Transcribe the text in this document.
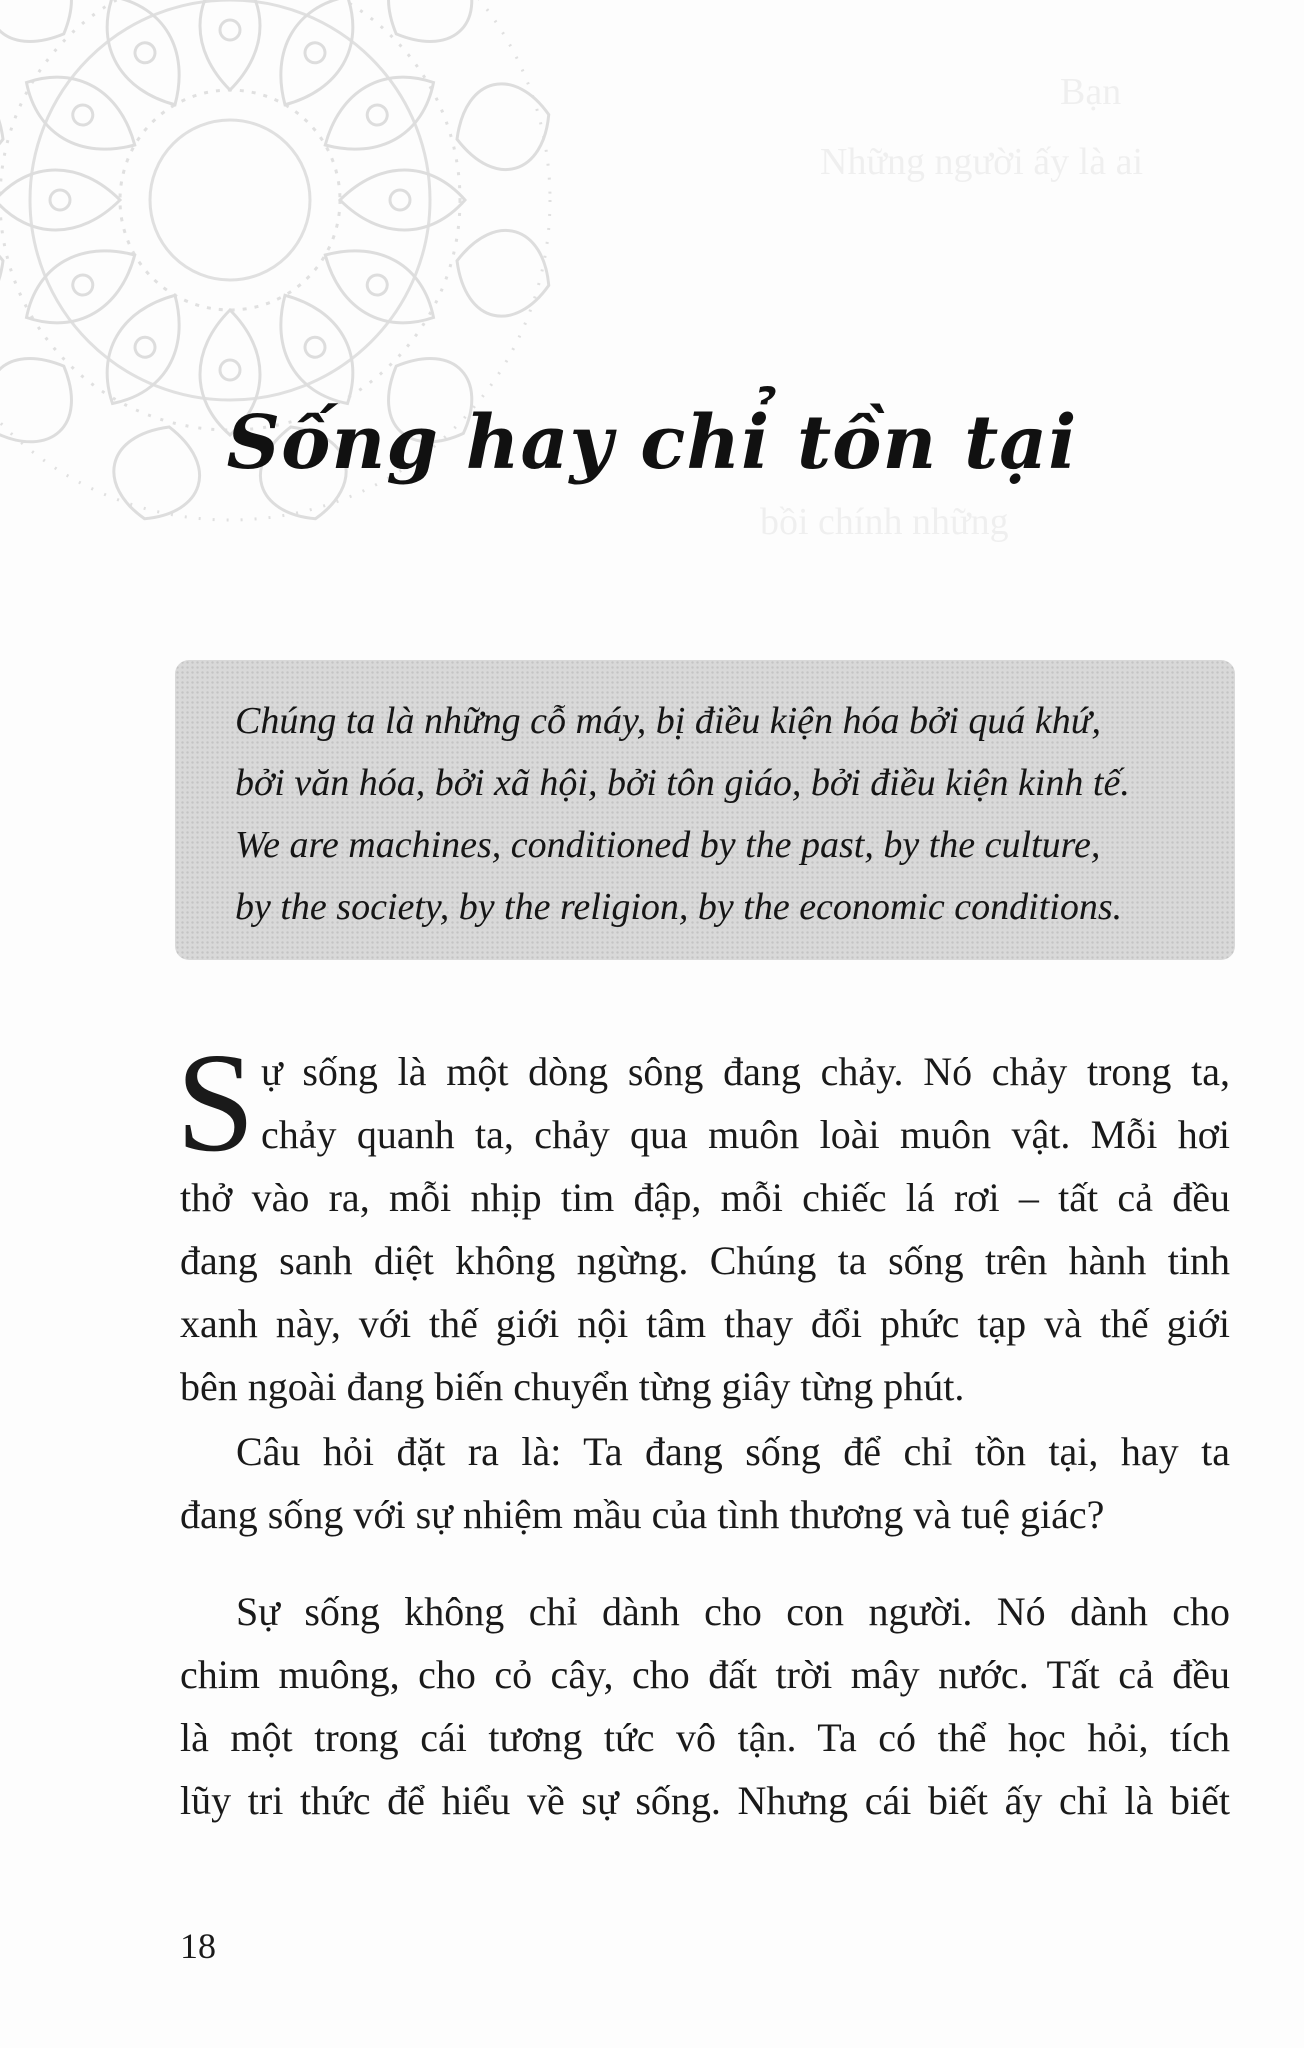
Bạn
Những người ấy là ai
bồi chính những
Sống hay chỉ tồn tại
Chúng ta là những cỗ máy, bị điều kiện hóa bởi quá khứ,
bởi văn hóa, bởi xã hội, bởi tôn giáo, bởi điều kiện kinh tế.
We are machines, conditioned by the past, by the culture,
by the society, by the religion, by the economic conditions.
S ự sống là một dòng sông đang chảy. Nó chảy trong ta,
chảy quanh ta, chảy qua muôn loài muôn vật. Mỗi hơi
thở vào ra, mỗi nhịp tim đập, mỗi chiếc lá rơi – tất cả đều
đang sanh diệt không ngừng. Chúng ta sống trên hành tinh
xanh này, với thế giới nội tâm thay đổi phức tạp và thế giới
bên ngoài đang biến chuyển từng giây từng phút.
Câu hỏi đặt ra là: Ta đang sống để chỉ tồn tại, hay ta
đang sống với sự nhiệm mầu của tình thương và tuệ giác?
Sự sống không chỉ dành cho con người. Nó dành cho
chim muông, cho cỏ cây, cho đất trời mây nước. Tất cả đều
là một trong cái tương tức vô tận. Ta có thể học hỏi, tích
lũy tri thức để hiểu về sự sống. Nhưng cái biết ấy chỉ là biết
18
